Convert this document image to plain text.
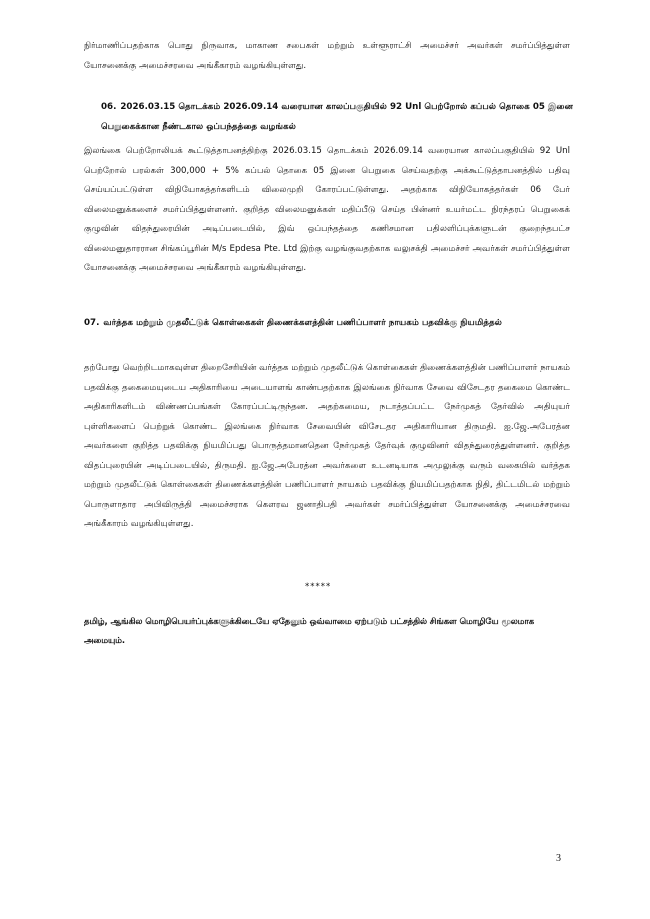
நிர்மாணிப்பதற்காக பொது நிருவாக, மாகாண சபைகள் மற்றும் உள்ளூராட்சி அமைச்சர் அவர்கள் சமர்ப்பித்துள்ள யோசனைக்கு அமைச்சரவை அங்கீகாரம் வழங்கியுள்ளது.

06. 2026.03.15 தொடக்கம் 2026.09.14 வரையான காலப்பகுதியில் 92 Unl பெற்றோல் கப்பல் தொகை 05 இனை பெறுகைக்கான நீண்டகால ஒப்பந்தத்தை வழங்கல்

இலங்கை பெற்றோலியக் கூட்டுத்தாபனத்திற்கு 2026.03.15 தொடக்கம் 2026.09.14 வரையான காலப்பகுதியில் 92 Unl பெற்றோல் பரல்கள் 300,000 + 5% கப்பல் தொகை 05 இனை பெறுகை செய்வதற்கு அக்கூட்டுத்தாபனத்தில் பதிவு செய்யப்பட்டுள்ள விநியோகத்தர்களிடம் விலைமுறி கோரப்பட்டுள்ளது. அதற்காக விநியோகத்தர்கள் 06 பேர் விலைமனுக்களைச் சமர்ப்பித்துள்ளனர். குறித்த விலைமனுக்கள் மதிப்பீடு செய்த பின்னர் உயர்மட்ட நிரந்தரப் பெறுகைக் குழுவின் விதந்துரையின் அடிப்படையில், இவ் ஒப்பந்தத்தை கணிசமான பதிலளிப்புக்களுடன் குறைந்தபட்ச விலைமனுதாரரான சிங்கப்பூரின் M/s Epdesa Pte. Ltd இற்கு வழங்குவதற்காக வலுசக்தி அமைச்சர் அவர்கள் சமர்ப்பித்துள்ள யோசனைக்கு அமைச்சரவை அங்கீகாரம் வழங்கியுள்ளது.

07. வர்த்தக மற்றும் முதலீட்டுக் கொள்கைகள் திணைக்களத்தின் பணிப்பாளர் நாயகம் பதவிக்கு நியமித்தல்

தற்போது வெற்றிடமாகவுள்ள திறைசேரியின் வர்த்தக மற்றும் முதலீட்டுக் கொள்கைகள் திணைக்களத்தின் பணிப்பாளர் நாயகம் பதவிக்கு தகைமையுடைய அதிகாரியை அடையாளங் காண்பதற்காக இலங்கை நிர்வாக சேவை விசேடதர தகைமை கொண்ட அதிகாரிகளிடம் விண்ணப்பங்கள் கோரப்பட்டிருந்தன. அதற்கமைய, நடாத்தப்பட்ட நேர்முகத் தேர்வில் அதியுயர் புள்ளிகளைப் பெற்றுக் கொண்ட இலங்கை நிர்வாக சேவையின் விசேடதர அதிகாரியான திருமதி. ஐ.ஜே.அபேரத்ன அவர்களை குறித்த பதவிக்கு நியமிப்பது பொருத்தமானதென நேர்முகத் தேர்வுக் குழுவினர் விதந்துரைத்துள்ளனர். குறித்த விதப்புரையின் அடிப்படையில், திருமதி. ஐ.ஜே.அபேரத்ன அவர்களை உடனடியாக அமுலுக்கு வரும் வகையில் வர்த்தக மற்றும் முதலீட்டுக் கொள்கைகள் திணைக்களத்தின் பணிப்பாளர் நாயகம் பதவிக்கு நியமிப்பதற்காக நிதி, திட்டமிடல் மற்றும் பொருளாதார அபிவிருத்தி அமைச்சராக கௌரவ ஜனாதிபதி அவர்கள் சமர்ப்பித்துள்ள யோசனைக்கு அமைச்சரவை அங்கீகாரம் வழங்கியுள்ளது.

*****

தமிழ், ஆங்கில மொழிபெயர்ப்புக்களுக்கிடையே ஏதேனும் ஒவ்வாமை ஏற்படும் பட்சத்தில் சிங்கள மொழியே மூலமாக அமையும்.

3
